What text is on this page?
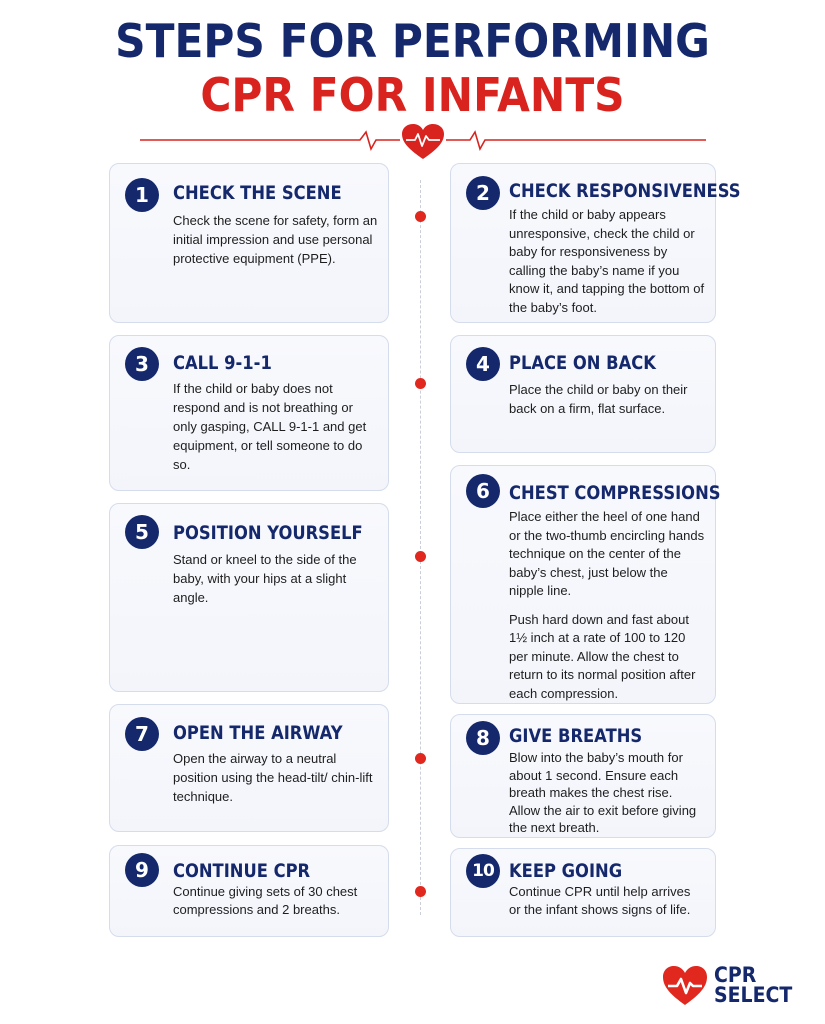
STEPS FOR PERFORMING
CPR FOR INFANTS
1	CHECK THE SCENE

Check the scene for safety, form an initial impression and use personal protective equipment (PPE).

2	CHECK RESPONSIVENESS

If the child or baby appears unresponsive, check the child or baby for responsiveness by calling the baby’s name if you know it, and tapping the bottom of the baby’s foot.

3	CALL 9-1-1

If the child or baby does not respond and is not breathing or only gasping, CALL 9-1-1 and get equipment, or tell someone to do so.

4	PLACE ON BACK

Place the child or baby on their back on a firm, flat surface.

5	POSITION YOURSELF

Stand or kneel to the side of the baby, with your hips at a slight angle.

6	CHEST COMPRESSIONS

Place either the heel of one hand or the two-thumb encircling hands technique on the center of the baby’s chest, just below the nipple line.

Push hard down and fast about 1½ inch at a rate of 100 to 120 per minute. Allow the chest to return to its normal position after each compression.

7	OPEN THE AIRWAY

Open the airway to a neutral position using the head-tilt/ chin-lift technique.

8	GIVE BREATHS

Blow into the baby’s mouth for about 1 second. Ensure each breath makes the chest rise. Allow the air to exit before giving the next breath.

9	CONTINUE CPR

Continue giving sets of 30 chest compressions and 2 breaths.

10 KEEP GOING

Continue CPR until help arrives or the infant shows signs of life.

CPR
SELECT
